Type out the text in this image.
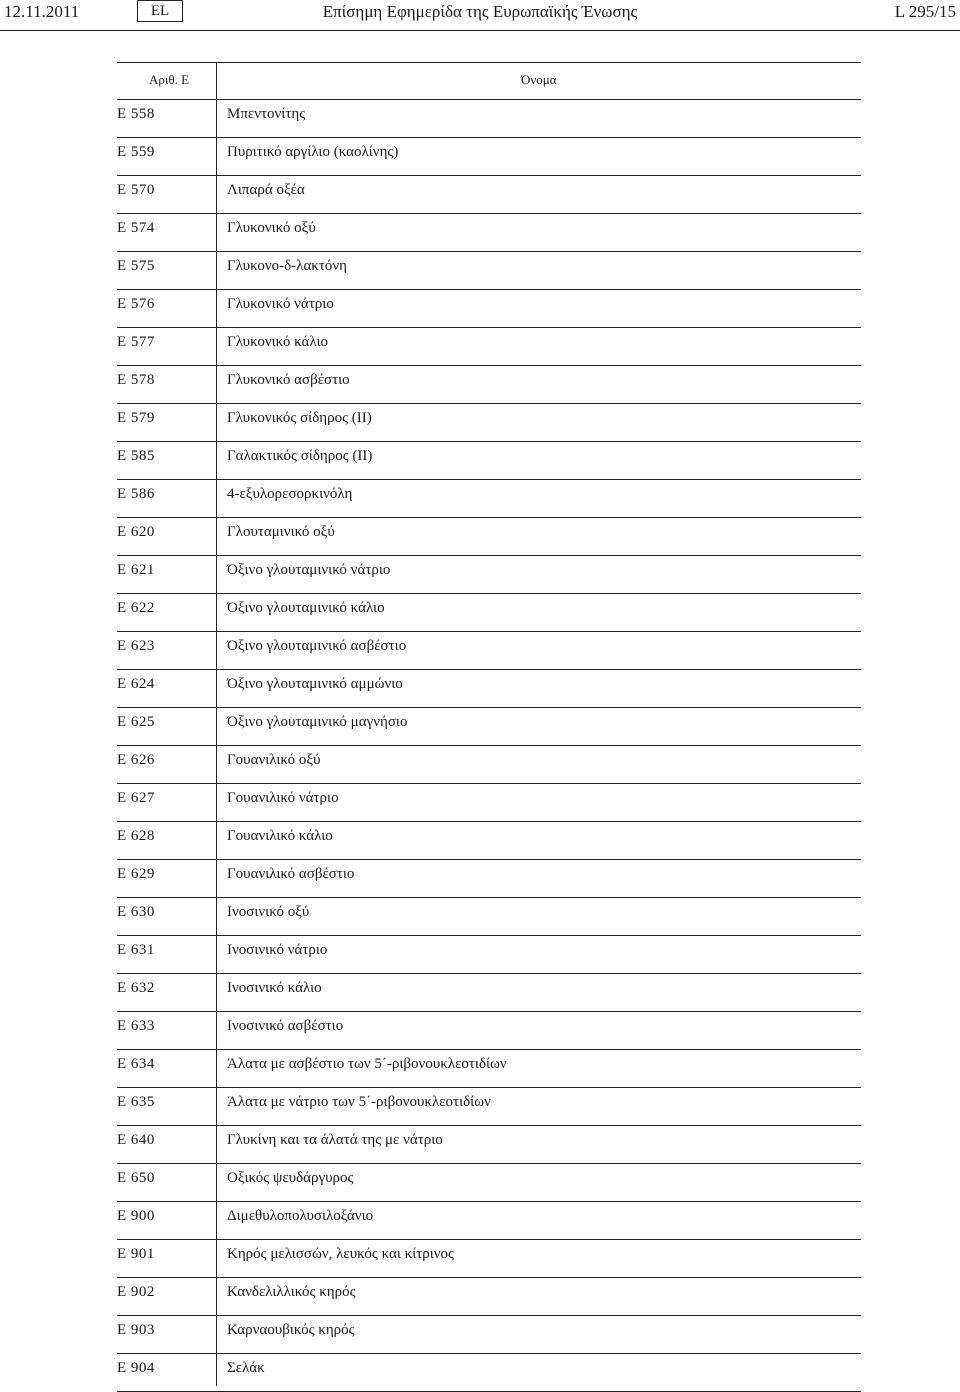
12.11.2011	EL	Επίσημη Εφημερίδα της Ευρωπαϊκής Ένωσης	L 295/15
Αριθ. Ε	Όνομα
E 558	Μπεντονίτης
E 559	Πυριτικό αργίλιο (καολίνης)
E 570	Λιπαρά οξέα
E 574	Γλυκονικό οξύ
E 575	Γλυκονο-δ-λακτόνη
E 576	Γλυκονικό νάτριο
E 577	Γλυκονικό κάλιο
E 578	Γλυκονικό ασβέστιο
E 579	Γλυκονικός σίδηρος (ΙΙ)
E 585	Γαλακτικός σίδηρος (ΙΙ)
E 586	4-εξυλορεσορκινόλη
E 620	Γλουταμινικό οξύ
E 621	Όξινο γλουταμινικό νάτριο
E 622	Όξινο γλουταμινικό κάλιο
E 623	Όξινο γλουταμινικό ασβέστιο
E 624	Όξινο γλουταμινικό αμμώνιο
E 625	Όξινο γλουταμινικό μαγνήσιο
E 626	Γουανιλικό οξύ
E 627	Γουανιλικό νάτριο
E 628	Γουανιλικό κάλιο
E 629	Γουανιλικό ασβέστιο
E 630	Ινοσινικό οξύ
E 631	Ινοσινικό νάτριο
E 632	Ινοσινικό κάλιο
E 633	Ινοσινικό ασβέστιο
E 634	Άλατα με ασβέστιο των 5΄-ριβονουκλεοτιδίων
E 635	Άλατα με νάτριο των 5΄-ριβονουκλεοτιδίων
E 640	Γλυκίνη και τα άλατά της με νάτριο
E 650	Οξικός ψευδάργυρος
E 900	Διμεθυλοπολυσιλοξάνιο
E 901	Κηρός μελισσών, λευκός και κίτρινος
E 902	Κανδελιλλικός κηρός
E 903	Καρναουβικός κηρός
E 904	Σελάκ
